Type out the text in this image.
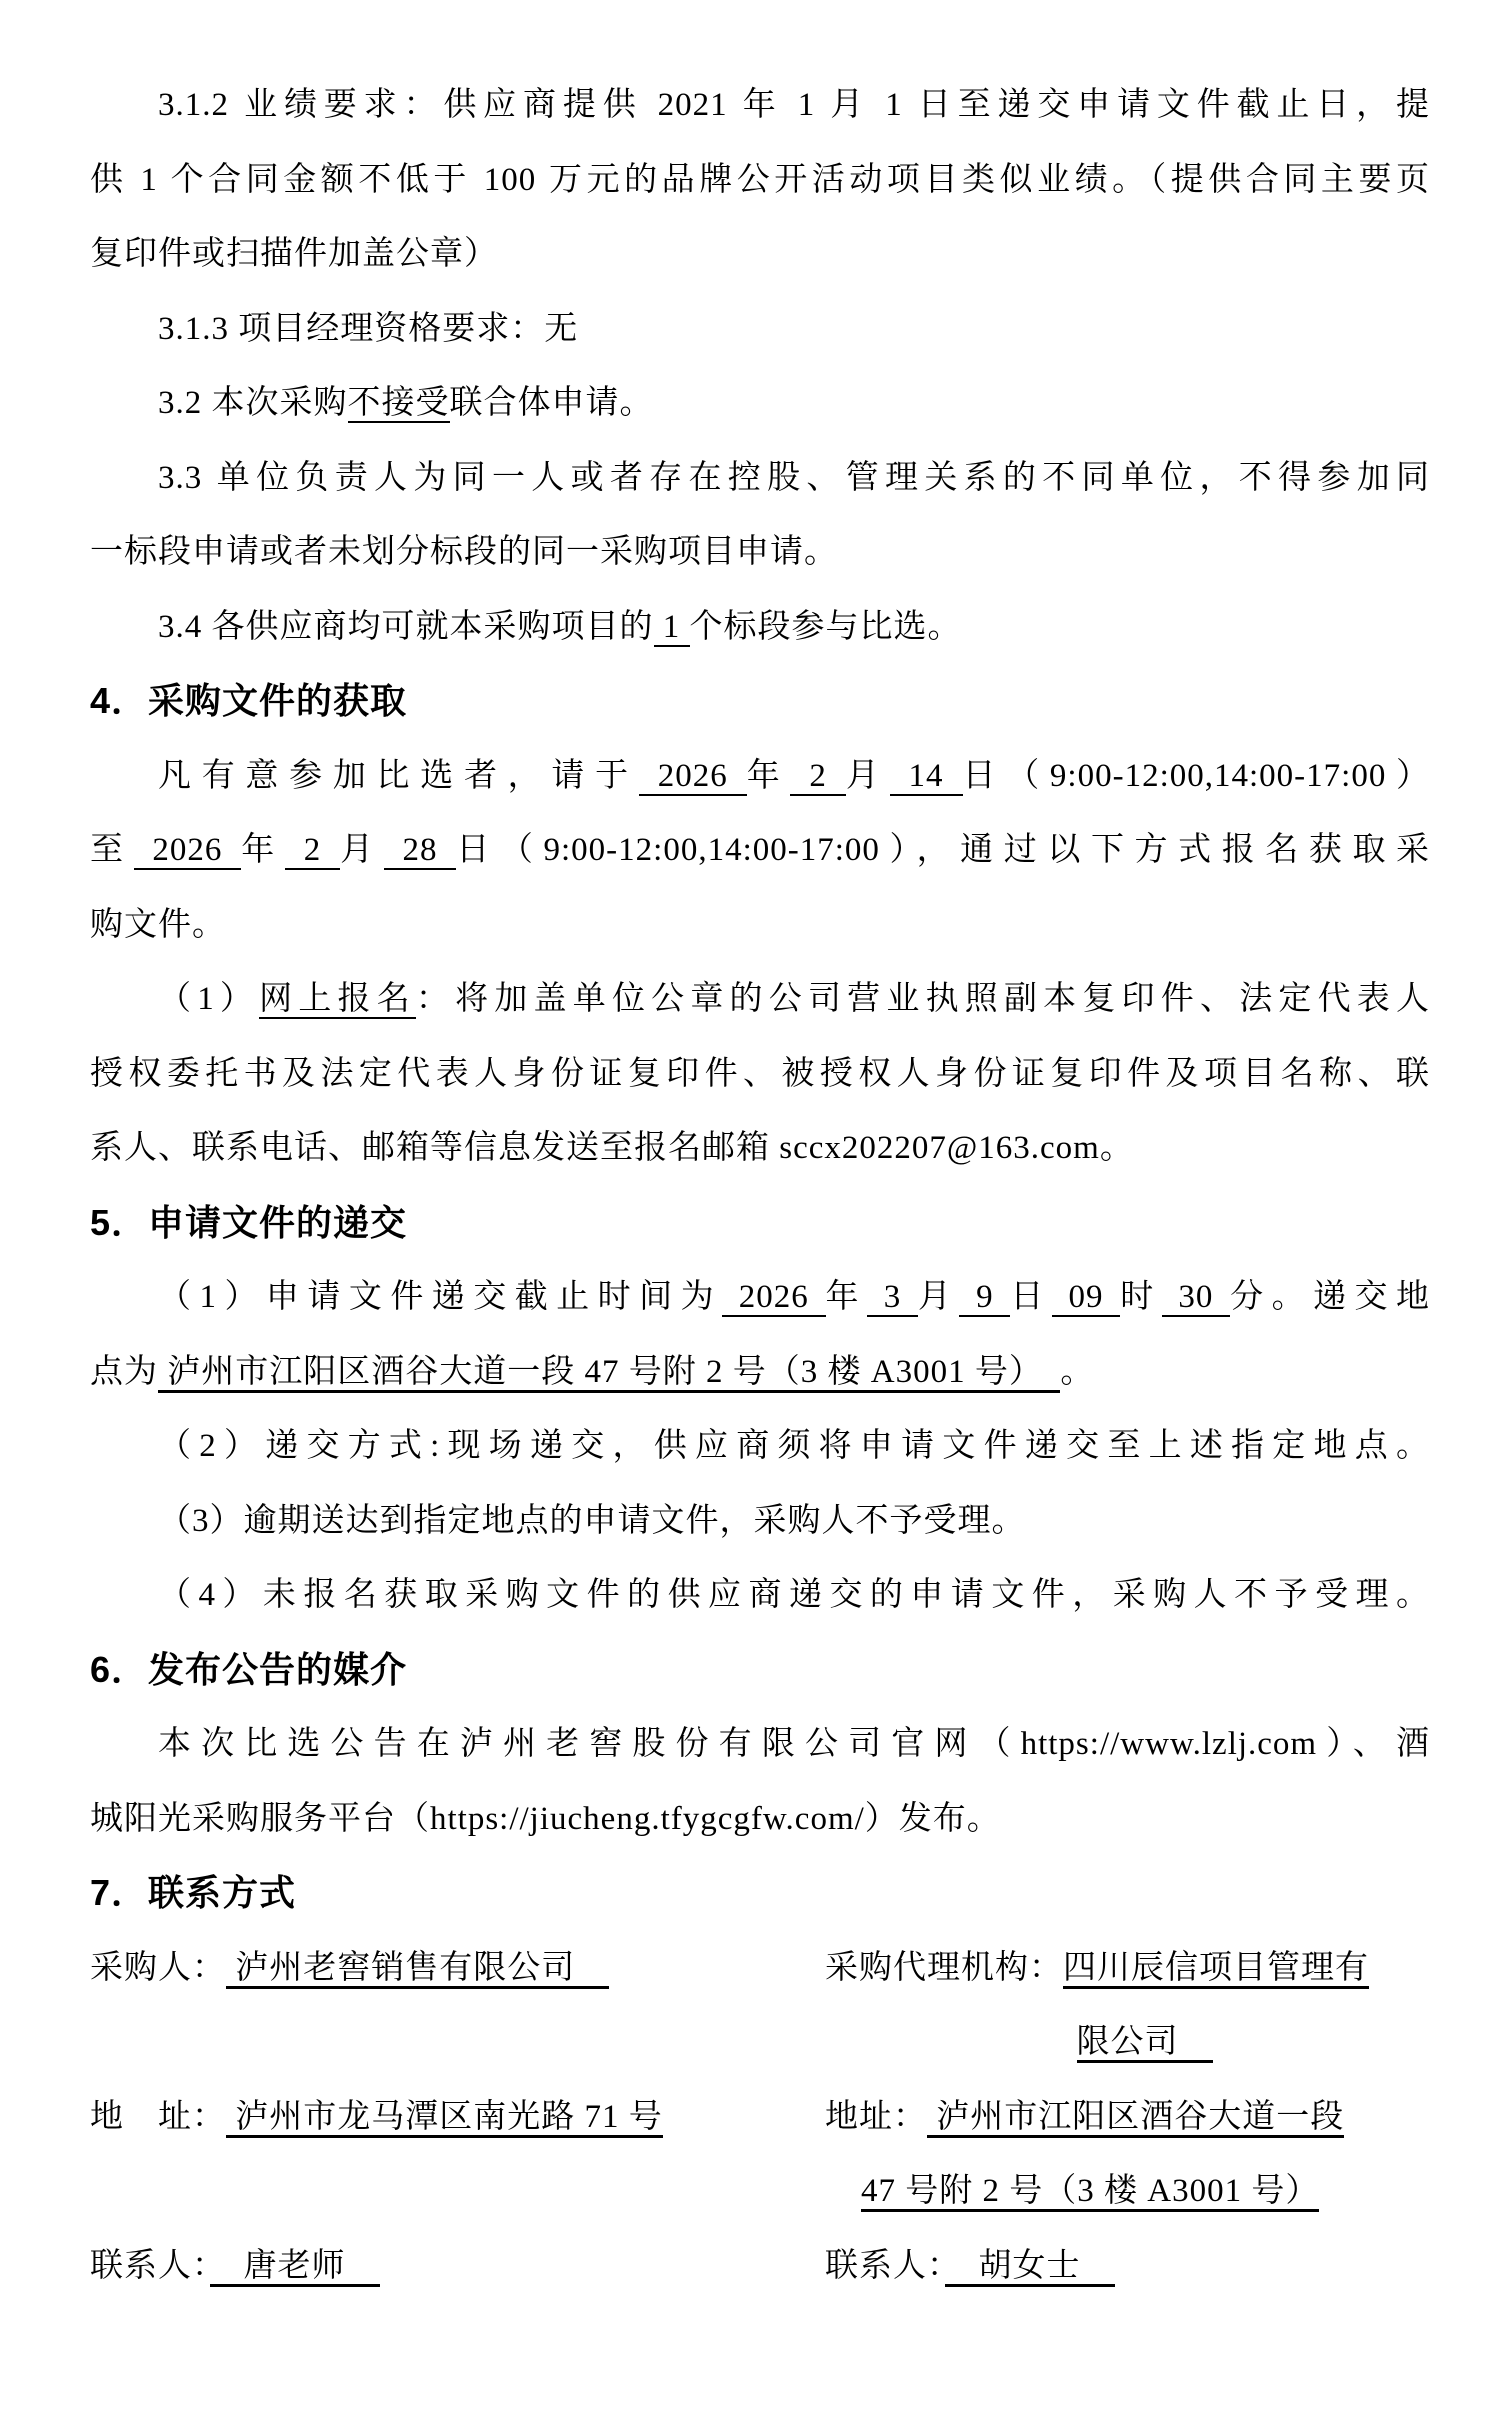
3.1.2 业绩要求：供应商提供 2021 年 1 月 1 日至递交申请文件截止日，提
供 1 个合同金额不低于 100 万元的品牌公开活动项目类似业绩。（提供合同主要页
复印件或扫描件加盖公章）
3.1.3 项目经理资格要求：无
3.2 本次采购不接受联合体申请。
3.3 单位负责人为同一人或者存在控股、管理关系的不同单位，不得参加同
一标段申请或者未划分标段的同一采购项目申请。
3.4 各供应商均可就本采购项目的 1 个标段参与比选。
4．采购文件的获取
凡有意参加比选者，请于 2026 年 2 月 14 日（9:00-12:00,14:00-17:00）
至 2026 年 2 月 28 日（9:00-12:00,14:00-17:00），通过以下方式报名获取采
购文件。
（1）网上报名：将加盖单位公章的公司营业执照副本复印件、法定代表人
授权委托书及法定代表人身份证复印件、被授权人身份证复印件及项目名称、联
系人、联系电话、邮箱等信息发送至报名邮箱 sccx202207@163.com。
5．申请文件的递交
（1）申请文件递交截止时间为 2026 年 3 月 9 日 09 时 30 分。递交地
点为 泸州市江阳区酒谷大道一段 47 号附 2 号（3 楼 A3001 号）　。
（2）递交方式:现场递交，供应商须将申请文件递交至上述指定地点。
（3）逾期送达到指定地点的申请文件，采购人不予受理。
（4）未报名获取采购文件的供应商递交的申请文件，采购人不予受理。
6．发布公告的媒介
本次比选公告在泸州老窖股份有限公司官网（https://www.lzlj.com）、酒
城阳光采购服务平台（https://jiucheng.tfygcgfw.com/）发布。
7．联系方式
采购人： 泸州老窖销售有限公司　	采购代理机构：四川辰信项目管理有
限公司　
地　址： 泸州市龙马潭区南光路 71 号	地址： 泸州市江阳区酒谷大道一段
47 号附 2 号（3 楼 A3001 号）
联系人：　唐老师　	联系人：　胡女士　
